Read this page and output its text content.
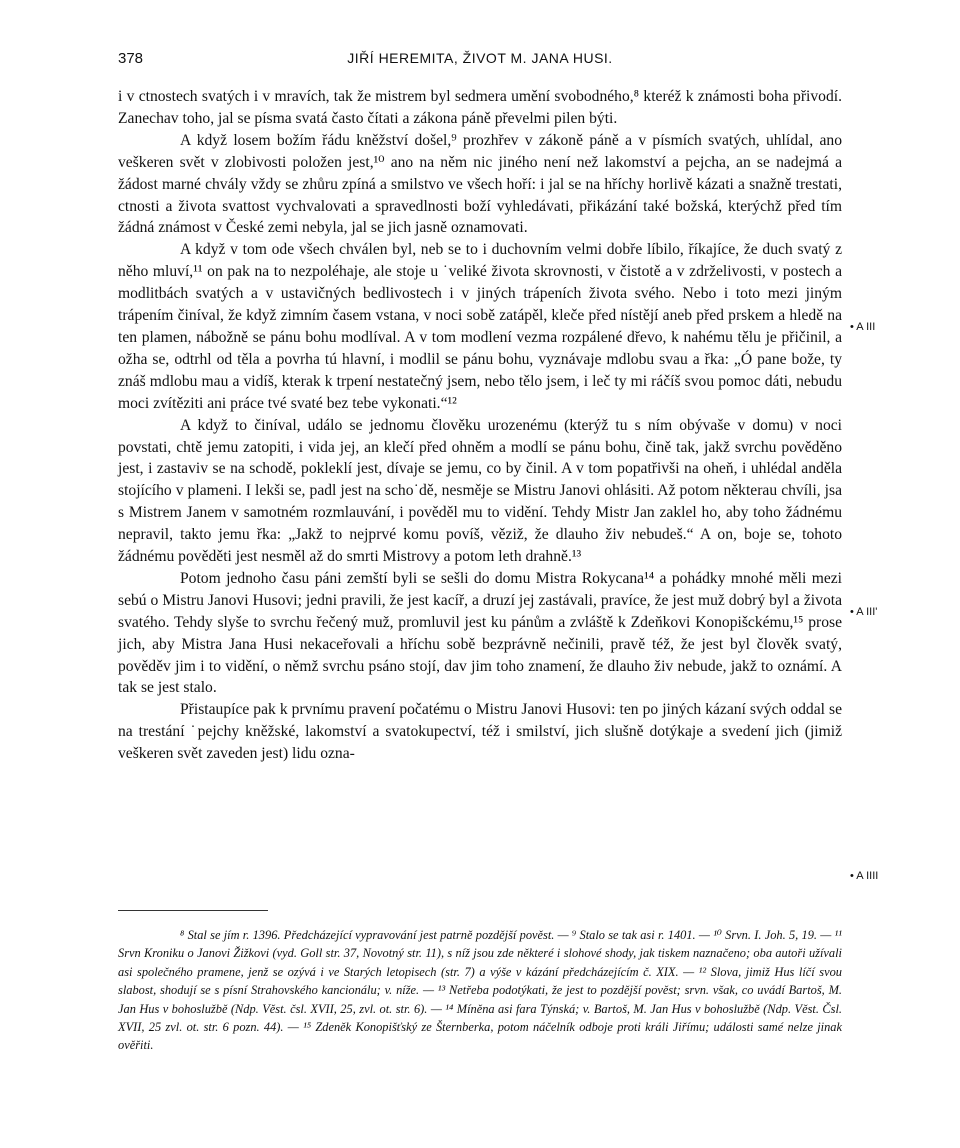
378	JIŘÍ HEREMITA, ŽIVOT M. JANA HUSI.

i v ctnostech svatých i v mravích, tak že mistrem byl sedmera umění svobodného,⁸ kteréž k známosti boha přivodí. Zanechav toho, jal se písma svatá často čítati a zákona páně převelmi pilen býti.

A když losem božím řádu kněžství došel,⁹ prozhřev v zákoně páně a v písmích svatých, uhlídal, ano veškeren svět v zlobivosti položen jest,¹⁰ ano na něm nic jiného není než lakomství a pejcha, an se nadejmá a žádost marné chvály vždy se zhůru zpíná a smilstvo ve všech hoří: i jal se na hříchy horlivě kázati a snažně trestati, ctnosti a života svattost vychvalovati a spravedlnosti boží vyhledávati, přikázání také božská, kterýchž před tím žádná známost v České zemi nebyla, jal se jich jasně oznamovati.

A když v tom ode všech chválen byl, neb se to i duchovním velmi dobře líbilo, říkajíce, že duch svatý z něho mluví,¹¹ on pak na to nezpoléhaje, ale stoje u ˙veliké života skrovnosti, v čistotě a v zdrželivosti, v postech a modlitbách svatých a v ustavičných bedlivostech i v jiných trápeních života svého. Nebo i toto mezi jiným trápením činíval, že když zimním časem vstana, v noci sobě zatápěl, kleče před nístějí aneb před prskem a hledě na ten plamen, nábožně se pánu bohu modlíval. A v tom modlení vezma rozpálené dřevo, k nahému tělu je přičinil, a ožha se, odtrhl od těla a povrha tú hlavní, i modlil se pánu bohu, vyznávaje mdlobu svau a řka: „Ó pane bože, ty znáš mdlobu mau a vidíš, kterak k trpení nestatečný jsem, nebo tělo jsem, i leč ty mi ráčíš svou pomoc dáti, nebudu moci zvítěziti ani práce tvé svaté bez tebe vykonati.“¹²

A když to činíval, událo se jednomu člověku urozenému (kterýž tu s ním obývaše v domu) v noci povstati, chtě jemu zatopiti, i vida jej, an klečí před ohněm a modlí se pánu bohu, čině tak, jakž svrchu pověděno jest, i zastaviv se na schodě, pokleklí jest, dívaje se jemu, co by činil. A v tom popatřivši na oheň, i uhlédal anděla stojícího v plameni. I lekši se, padl jest na scho˙dě, nesměje se Mistru Janovi ohlásiti. Až potom některau chvíli, jsa s Mistrem Janem v samotném rozmlauvání, i pověděl mu to vidění. Tehdy Mistr Jan zaklel ho, aby toho žádnému nepravil, takto jemu řka: „Jakž to nejprvé komu povíš, věziž, že dlauho živ nebudeš.“ A on, boje se, tohoto žádnému pověděti jest nesměl až do smrti Mistrovy a potom leth drahně.¹³

Potom jednoho času páni zemští byli se sešli do domu Mistra Rokycana¹⁴ a pohádky mnohé měli mezi sebú o Mistru Janovi Husovi; jedni pravili, že jest kacíř, a druzí jej zastávali, pravíce, že jest muž dobrý byl a života svatého. Tehdy slyše to svrchu řečený muž, promluvil jest ku pánům a zvláště k Zdeňkovi Konopišckému,¹⁵ prose jich, aby Mistra Jana Husi nekaceřovali a hříchu sobě bezprávně nečinili, pravě též, že jest byl člověk svatý, pověděv jim i to vidění, o němž svrchu psáno stojí, dav jim toho znamení, že dlauho živ nebude, jakž to oznámí. A tak se jest stalo.

Přistaupíce pak k prvnímu pravení počatému o Mistru Janovi Husovi: ten po jiných kázaní svých oddal se na trestání ˙pejchy kněžské, lakomství a svatokupectví, též i smilství, jich slušně dotýkaje a svedení jich (jimiž veškeren svět zaveden jest) lidu ozna-

• A III
• A III'
• A IIII

⁸ Stal se jím r. 1396. Předcházející vypravování jest patrně pozdější pověst. — ⁹ Stalo se tak asi r. 1401. — ¹⁰ Srvn. I. Joh. 5, 19. — ¹¹ Srvn Kroniku o Janovi Žižkovi (vyd. Goll str. 37, Novotný str. 11), s níž jsou zde některé i slohové shody, jak tiskem naznačeno; oba autoři užívali asi společného pramene, jenž se ozývá i ve Starých letopisech (str. 7) a výše v kázání předcházejícím č. XIX. — ¹² Slova, jimiž Hus líčí svou slabost, shodují se s písní Strahovského kancionálu; v. níže. — ¹³ Netřeba podotýkati, že jest to pozdější pověst; srvn. však, co uvádí Bartoš, M. Jan Hus v bohoslužbě (Ndp. Věst. čsl. XVII, 25, zvl. ot. str. 6). — ¹⁴ Míněna asi fara Týnská; v. Bartoš, M. Jan Hus v bohoslužbě (Ndp. Věst. Čsl. XVII, 25 zvl. ot. str. 6 pozn. 44). — ¹⁵ Zdeněk Konopišťský ze Šternberka, potom náčelník odboje proti králi Jiřímu; události samé nelze jinak ověřiti.
